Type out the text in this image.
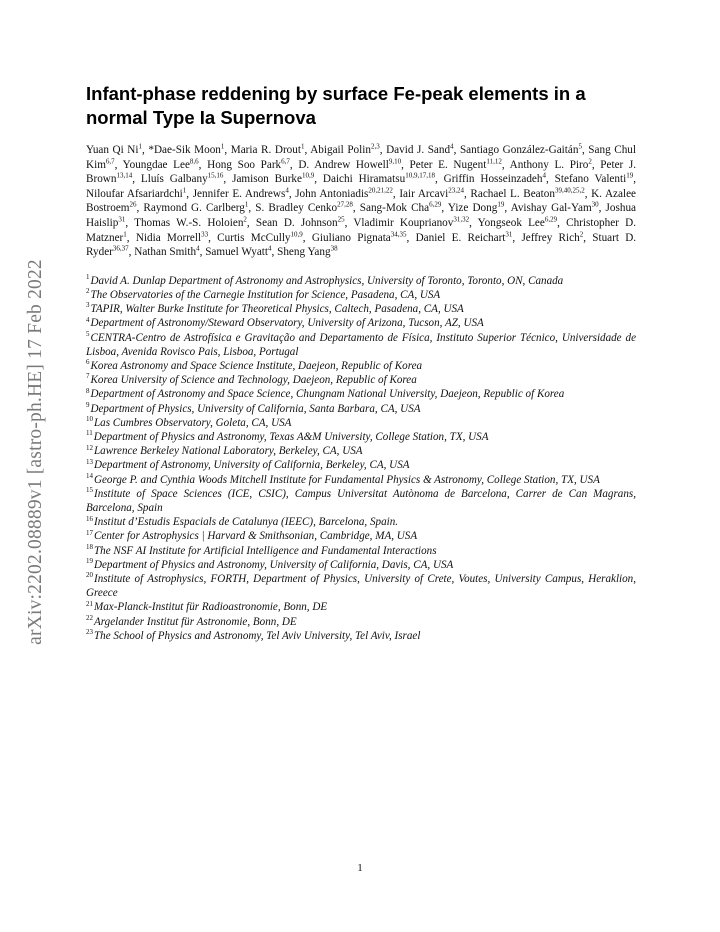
arXiv:2202.08889v1 [astro-ph.HE] 17 Feb 2022
Infant-phase reddening by surface Fe-peak elements in a normal Type Ia Supernova

Yuan Qi Ni$^1$, *Dae-Sik Moon$^1$, Maria R. Drout$^1$, Abigail Polin$^{2,3}$, David J. Sand$^4$, Santiago González-Gaitán$^5$, Sang Chul Kim$^{6,7}$, Youngdae Lee$^{8,6}$, Hong Soo Park$^{6,7}$, D. Andrew Howell$^{9,10}$, Peter E. Nugent$^{11,12}$, Anthony L. Piro$^2$, Peter J. Brown$^{13,14}$, Lluís Galbany$^{15,16}$, Jamison Burke$^{10,9}$, Daichi Hiramatsu$^{10,9,17,18}$, Griffin Hosseinzadeh$^4$, Stefano Valenti$^{19}$, Niloufar Afsariardchi$^1$, Jennifer E. Andrews$^4$, John Antoniadis$^{20,21,22}$, Iair Arcavi$^{23,24}$, Rachael L. Beaton$^{39,40,25,2}$, K. Azalee Bostroem$^{26}$, Raymond G. Carlberg$^1$, S. Bradley Cenko$^{27,28}$, Sang-Mok Cha$^{6,29}$, Yize Dong$^{19}$, Avishay Gal-Yam$^{30}$, Joshua Haislip$^{31}$, Thomas W.-S. Holoien$^2$, Sean D. Johnson$^{25}$, Vladimir Kouprianov$^{31,32}$, Yongseok Lee$^{6,29}$, Christopher D. Matzner$^1$, Nidia Morrell$^{33}$, Curtis McCully$^{10,9}$, Giuliano Pignata$^{34,35}$, Daniel E. Reichart$^{31}$, Jeffrey Rich$^2$, Stuart D. Ryder$^{36,37}$, Nathan Smith$^4$, Samuel Wyatt$^4$, Sheng Yang$^{38}$

$^1$David A. Dunlap Department of Astronomy and Astrophysics, University of Toronto, Toronto, ON, Canada

$^2$The Observatories of the Carnegie Institution for Science, Pasadena, CA, USA

$^3$TAPIR, Walter Burke Institute for Theoretical Physics, Caltech, Pasadena, CA, USA

$^4$Department of Astronomy/Steward Observatory, University of Arizona, Tucson, AZ, USA

$^5$CENTRA-Centro de Astrofísica e Gravitação and Departamento de Física, Instituto Superior Técnico, Universidade de Lisboa, Avenida Rovisco Pais, Lisboa, Portugal

$^6$Korea Astronomy and Space Science Institute, Daejeon, Republic of Korea

$^7$Korea University of Science and Technology, Daejeon, Republic of Korea

$^8$Department of Astronomy and Space Science, Chungnam National University, Daejeon, Republic of Korea

$^9$Department of Physics, University of California, Santa Barbara, CA, USA

$^{10}$Las Cumbres Observatory, Goleta, CA, USA

$^{11}$Department of Physics and Astronomy, Texas A&M University, College Station, TX, USA

$^{12}$Lawrence Berkeley National Laboratory, Berkeley, CA, USA

$^{13}$Department of Astronomy, University of California, Berkeley, CA, USA

$^{14}$George P. and Cynthia Woods Mitchell Institute for Fundamental Physics & Astronomy, College Station, TX, USA

$^{15}$Institute of Space Sciences (ICE, CSIC), Campus Universitat Autònoma de Barcelona, Carrer de Can Magrans, Barcelona, Spain

$^{16}$Institut d’Estudis Espacials de Catalunya (IEEC), Barcelona, Spain.

$^{17}$Center for Astrophysics | Harvard & Smithsonian, Cambridge, MA, USA

$^{18}$The NSF AI Institute for Artificial Intelligence and Fundamental Interactions

$^{19}$Department of Physics and Astronomy, University of California, Davis, CA, USA

$^{20}$Institute of Astrophysics, FORTH, Department of Physics, University of Crete, Voutes, University Campus, Heraklion, Greece

$^{21}$Max-Planck-Institut für Radioastronomie, Bonn, DE

$^{22}$Argelander Institut für Astronomie, Bonn, DE

$^{23}$The School of Physics and Astronomy, Tel Aviv University, Tel Aviv, Israel

1
